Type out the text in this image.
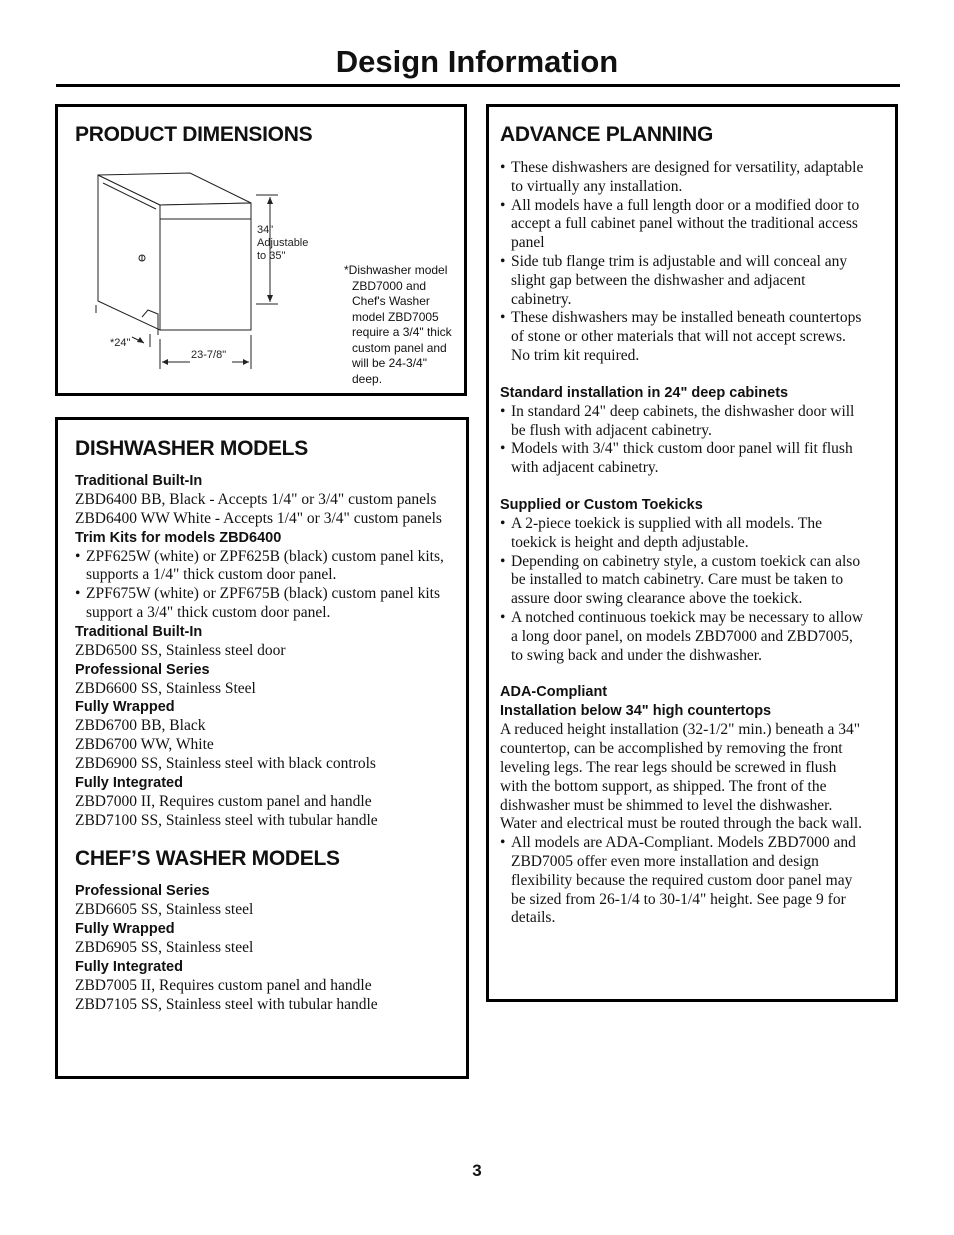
Design Information
PRODUCT DIMENSIONS
34"
Adjustable
to 35"
*24"
23-7/8"
*Dishwasher model
ZBD7000 and
Chef's Washer
model ZBD7005
require a 3/4" thick
custom panel and
will be 24-3/4"
deep.
DISHWASHER MODELS
Traditional Built-In
ZBD6400 BB, Black - Accepts 1/4" or 3/4" custom panels
ZBD6400 WW White - Accepts 1/4" or 3/4" custom panels
Trim Kits for models ZBD6400
• ZPF625W (white) or ZPF625B (black) custom panel kits, supports a 1/4" thick custom door panel.
• ZPF675W (white) or ZPF675B (black) custom panel kits support a 3/4" thick custom door panel.
Traditional Built-In
ZBD6500 SS, Stainless steel door
Professional Series
ZBD6600 SS, Stainless Steel
Fully Wrapped
ZBD6700 BB, Black
ZBD6700 WW, White
ZBD6900 SS, Stainless steel with black controls
Fully Integrated
ZBD7000 II, Requires custom panel and handle
ZBD7100 SS, Stainless steel with tubular handle
CHEF’S WASHER MODELS
Professional Series
ZBD6605 SS, Stainless steel
Fully Wrapped
ZBD6905 SS, Stainless steel
Fully Integrated
ZBD7005 II, Requires custom panel and handle
ZBD7105 SS, Stainless steel with tubular handle
ADVANCE PLANNING
• These dishwashers are designed for versatility, adaptable to virtually any installation.
• All models have a full length door or a modified door to accept a full cabinet panel without the traditional access panel
• Side tub flange trim is adjustable and will conceal any slight gap between the dishwasher and adjacent cabinetry.
• These dishwashers may be installed beneath countertops of stone or other materials that will not accept screws. No trim kit required.
Standard installation in 24" deep cabinets
• In standard 24" deep cabinets, the dishwasher door will be flush with adjacent cabinetry.
• Models with 3/4" thick custom door panel will fit flush with adjacent cabinetry.
Supplied or Custom Toekicks
• A 2-piece toekick is supplied with all models. The toekick is height and depth adjustable.
• Depending on cabinetry style, a custom toekick can also be installed to match cabinetry. Care must be taken to assure door swing clearance above the toekick.
• A notched continuous toekick may be necessary to allow a long door panel, on models ZBD7000 and ZBD7005, to swing back and under the dishwasher.
ADA-Compliant
Installation below 34" high countertops
A reduced height installation (32-1/2" min.) beneath a 34" countertop, can be accomplished by removing the front leveling legs. The rear legs should be screwed in flush with the bottom support, as shipped. The front of the dishwasher must be shimmed to level the dishwasher. Water and electrical must be routed through the back wall.
• All models are ADA-Compliant. Models ZBD7000 and ZBD7005 offer even more installation and design flexibility because the required custom door panel may be sized from 26-1/4 to 30-1/4" height. See page 9 for details.
3
